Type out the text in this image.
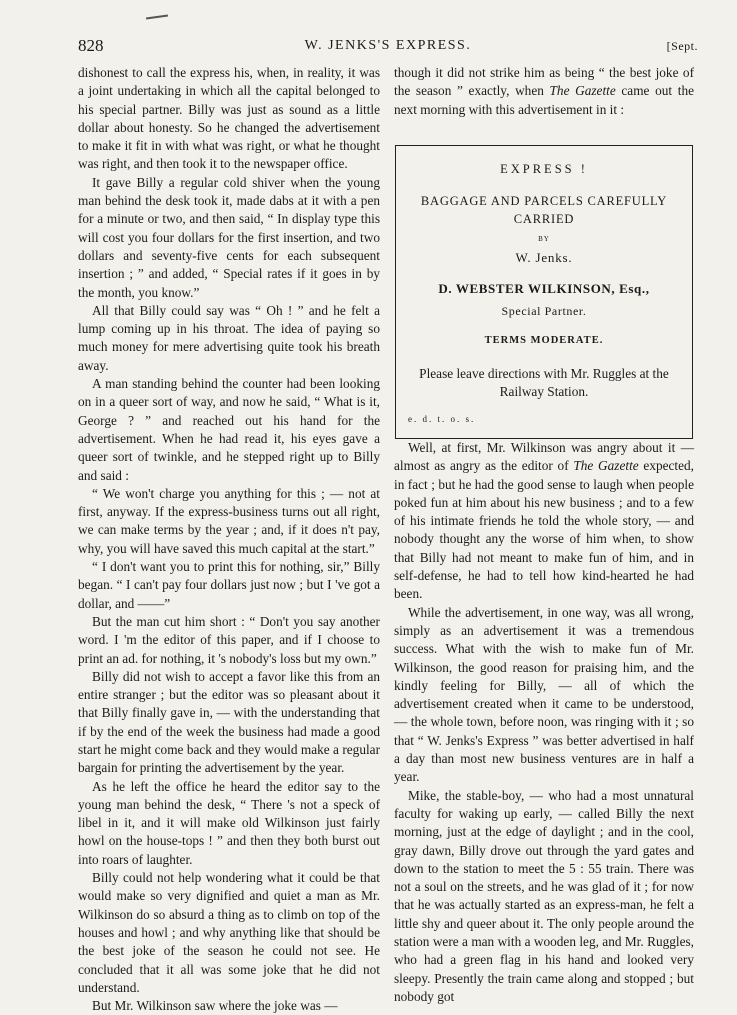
828	W. JENKS'S EXPRESS.	[Sept.

dishonest to call the express his, when, in reality, it was a joint undertaking in which all the capital belonged to his special partner. Billy was just as sound as a little dollar about honesty. So he changed the advertisement to make it fit in with what was right, or what he thought was right, and then took it to the newspaper office.

It gave Billy a regular cold shiver when the young man behind the desk took it, made dabs at it with a pen for a minute or two, and then said, “ In display type this will cost you four dollars for the first insertion, and two dollars and seventy-five cents for each subsequent insertion ; ” and added, “ Special rates if it goes in by the month, you know.”

All that Billy could say was “ Oh ! ” and he felt a lump coming up in his throat. The idea of paying so much money for mere advertising quite took his breath away.

A man standing behind the counter had been looking on in a queer sort of way, and now he said, “ What is it, George ? ” and reached out his hand for the advertisement. When he had read it, his eyes gave a queer sort of twinkle, and he stepped right up to Billy and said :

“ We won't charge you anything for this ; — not at first, anyway. If the express-business turns out all right, we can make terms by the year ; and, if it does n't pay, why, you will have saved this much capital at the start.”

“ I don't want you to print this for nothing, sir,” Billy began. “ I can't pay four dollars just now ; but I 've got a dollar, and ——”

But the man cut him short : “ Don't you say another word. I 'm the editor of this paper, and if I choose to print an ad. for nothing, it 's nobody's loss but my own.”

Billy did not wish to accept a favor like this from an entire stranger ; but the editor was so pleasant about it that Billy finally gave in, — with the understanding that if by the end of the week the business had made a good start he might come back and they would make a regular bargain for printing the advertisement by the year.

As he left the office he heard the editor say to the young man behind the desk, “ There 's not a speck of libel in it, and it will make old Wilkinson just fairly howl on the house-tops ! ” and then they both burst out into roars of laughter.

Billy could not help wondering what it could be that would make so very dignified and quiet a man as Mr. Wilkinson do so absurd a thing as to climb on top of the houses and howl ; and why anything like that should be the best joke of the season he could not see. He concluded that it all was some joke that he did not understand.

But Mr. Wilkinson saw where the joke was —

though it did not strike him as being “ the best joke of the season ” exactly, when The Gazette came out the next morning with this advertisement in it :

EXPRESS !
BAGGAGE AND PARCELS CAREFULLY
CARRIED
BY
W. Jenks.
D. WEBSTER WILKINSON, Esq.,
Special Partner.
TERMS MODERATE.
Please leave directions with Mr. Ruggles at the Railway Station.
e. d. t. o. s.

Well, at first, Mr. Wilkinson was angry about it — almost as angry as the editor of The Gazette expected, in fact ; but he had the good sense to laugh when people poked fun at him about his new business ; and to a few of his intimate friends he told the whole story, — and nobody thought any the worse of him when, to show that Billy had not meant to make fun of him, and in self-defense, he had to tell how kind-hearted he had been.

While the advertisement, in one way, was all wrong, simply as an advertisement it was a tremendous success. What with the wish to make fun of Mr. Wilkinson, the good reason for praising him, and the kindly feeling for Billy, — all of which the advertisement created when it came to be understood, — the whole town, before noon, was ringing with it ; so that “ W. Jenks's Express ” was better advertised in half a day than most new business ventures are in half a year.

Mike, the stable-boy, — who had a most unnatural faculty for waking up early, — called Billy the next morning, just at the edge of daylight ; and in the cool, gray dawn, Billy drove out through the yard gates and down to the station to meet the 5 : 55 train. There was not a soul on the streets, and he was glad of it ; for now that he was actually started as an express-man, he felt a little shy and queer about it. The only people around the station were a man with a wooden leg, and Mr. Ruggles, who had a green flag in his hand and looked very sleepy. Presently the train came along and stopped ; but nobody got
